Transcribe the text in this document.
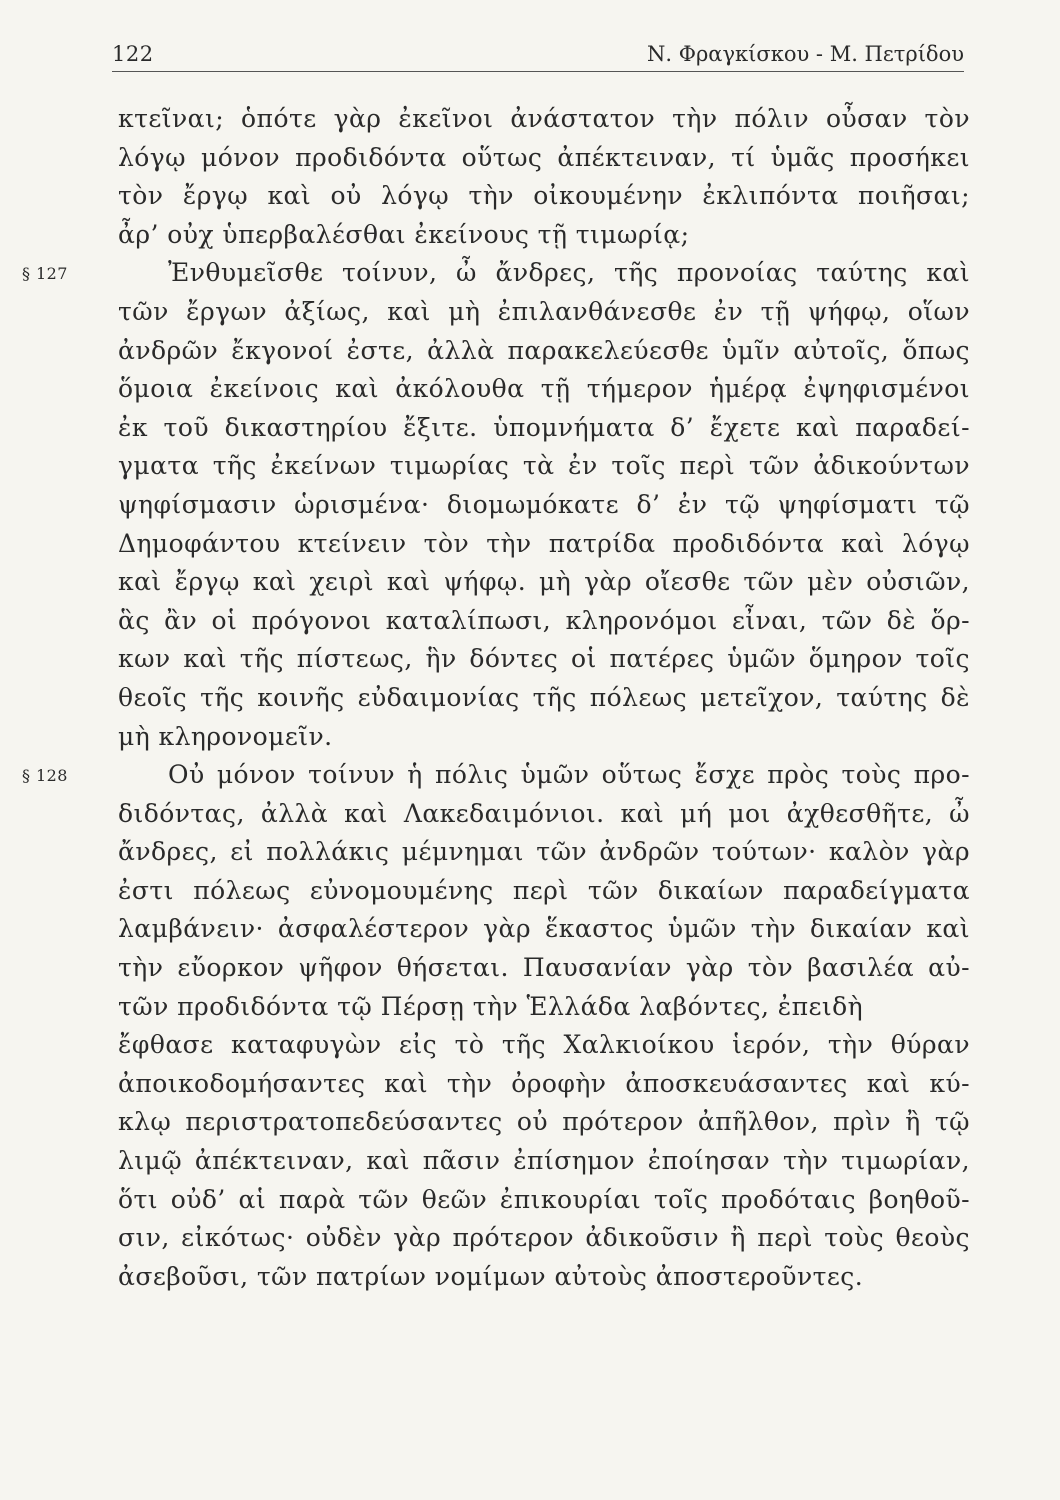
122	Ν. Φραγκίσκου - Μ. Πετρίδου
κτεῖναι; ὁπότε γὰρ ἐκεῖνοι ἀνάστατον τὴν πόλιν οὖσαν τὸν
λόγῳ μόνον προδιδόντα οὕτως ἀπέκτειναν, τί ὑμᾶς προσήκει
τὸν ἔργῳ καὶ οὐ λόγῳ τὴν οἰκουμένην ἐκλιπόντα ποιῆσαι;
ἆρ’ οὐχ ὑπερβαλέσθαι ἐκείνους τῇ τιμωρίᾳ;
§ 127	Ἐνθυμεῖσθε τοίνυν, ὦ ἄνδρες, τῆς προνοίας ταύτης καὶ
τῶν ἔργων ἀξίως, καὶ μὴ ἐπιλανθάνεσθε ἐν τῇ ψήφῳ, οἵων
ἀνδρῶν ἔκγονοί ἐστε, ἀλλὰ παρακελεύεσθε ὑμῖν αὐτοῖς, ὅπως
ὅμοια ἐκείνοις καὶ ἀκόλουθα τῇ τήμερον ἡμέρᾳ ἐψηφισμένοι
ἐκ τοῦ δικαστηρίου ἔξιτε. ὑπομνήματα δ’ ἔχετε καὶ παραδεί-
γματα τῆς ἐκείνων τιμωρίας τὰ ἐν τοῖς περὶ τῶν ἀδικούντων
ψηφίσμασιν ὡρισμένα· διομωμόκατε δ’ ἐν τῷ ψηφίσματι τῷ
Δημοφάντου κτείνειν τὸν τὴν πατρίδα προδιδόντα καὶ λόγῳ
καὶ ἔργῳ καὶ χειρὶ καὶ ψήφῳ. μὴ γὰρ οἴεσθε τῶν μὲν οὐσιῶν,
ἃς ἂν οἱ πρόγονοι καταλίπωσι, κληρονόμοι εἶναι, τῶν δὲ ὅρ-
κων καὶ τῆς πίστεως, ἣν δόντες οἱ πατέρες ὑμῶν ὅμηρον τοῖς
θεοῖς τῆς κοινῆς εὐδαιμονίας τῆς πόλεως μετεῖχον, ταύτης δὲ
μὴ κληρονομεῖν.
§ 128	Οὐ μόνον τοίνυν ἡ πόλις ὑμῶν οὕτως ἔσχε πρὸς τοὺς προ-
διδόντας, ἀλλὰ καὶ Λακεδαιμόνιοι. καὶ μή μοι ἀχθεσθῆτε, ὦ
ἄνδρες, εἰ πολλάκις μέμνημαι τῶν ἀνδρῶν τούτων· καλὸν γὰρ
ἐστι πόλεως εὐνομουμένης περὶ τῶν δικαίων παραδείγματα
λαμβάνειν· ἀσφαλέστερον γὰρ ἕκαστος ὑμῶν τὴν δικαίαν καὶ
τὴν εὔορκον ψῆφον θήσεται. Παυσανίαν γὰρ τὸν βασιλέα αὐ-
τῶν προδιδόντα τῷ Πέρσῃ τὴν Ἑλλάδα λαβόντες, ἐπειδὴ
ἔφθασε καταφυγὼν εἰς τὸ τῆς Χαλκιοίκου ἱερόν, τὴν θύραν
ἀποικοδομήσαντες καὶ τὴν ὀροφὴν ἀποσκευάσαντες καὶ κύ-
κλῳ περιστρατοπεδεύσαντες οὐ πρότερον ἀπῆλθον, πρὶν ἢ τῷ
λιμῷ ἀπέκτειναν, καὶ πᾶσιν ἐπίσημον ἐποίησαν τὴν τιμωρίαν,
ὅτι οὐδ’ αἱ παρὰ τῶν θεῶν ἐπικουρίαι τοῖς προδόταις βοηθοῦ-
σιν, εἰκότως· οὐδὲν γὰρ πρότερον ἀδικοῦσιν ἢ περὶ τοὺς θεοὺς
ἀσεβοῦσι, τῶν πατρίων νομίμων αὐτοὺς ἀποστεροῦντες.
